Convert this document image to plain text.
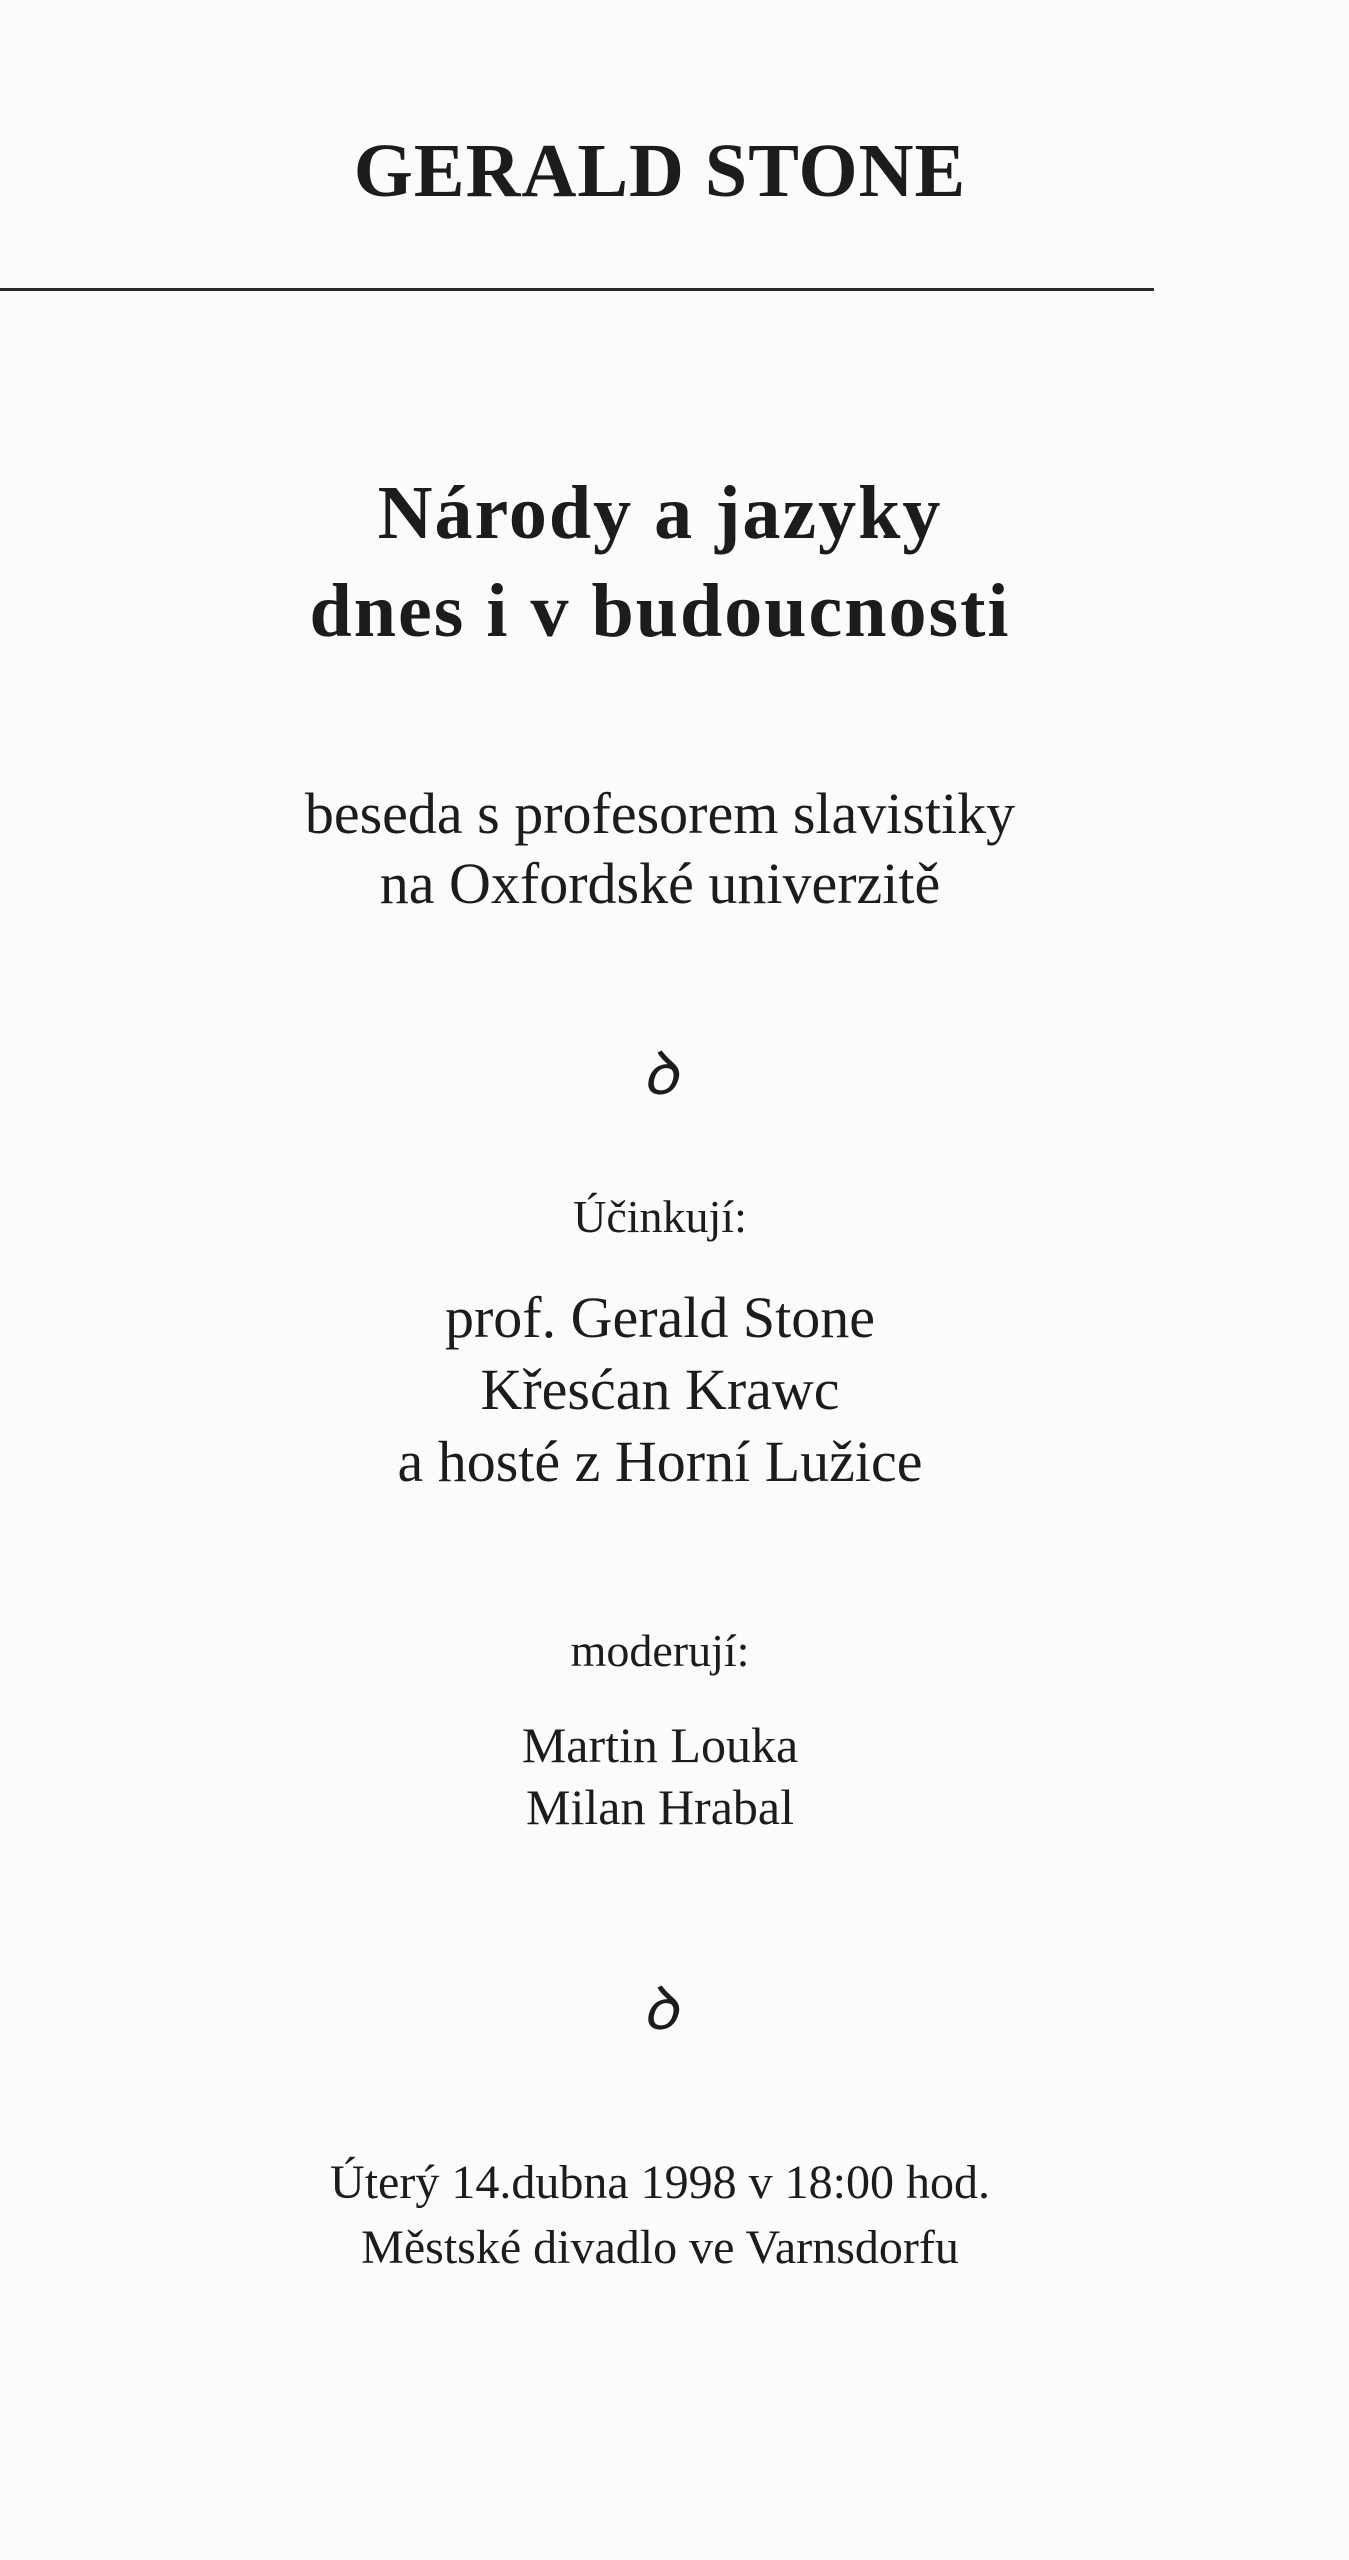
GERALD STONE
Národy a jazyky
dnes i v budoucnosti
beseda s profesorem slavistiky
na Oxfordské univerzitě
ꝺ
Účinkují:
prof. Gerald Stone
Křesćan Krawc
a hosté z Horní Lužice
moderují:
Martin Louka
Milan Hrabal
ꝺ
Úterý 14.dubna 1998 v 18:00 hod.
Městské divadlo ve Varnsdorfu
